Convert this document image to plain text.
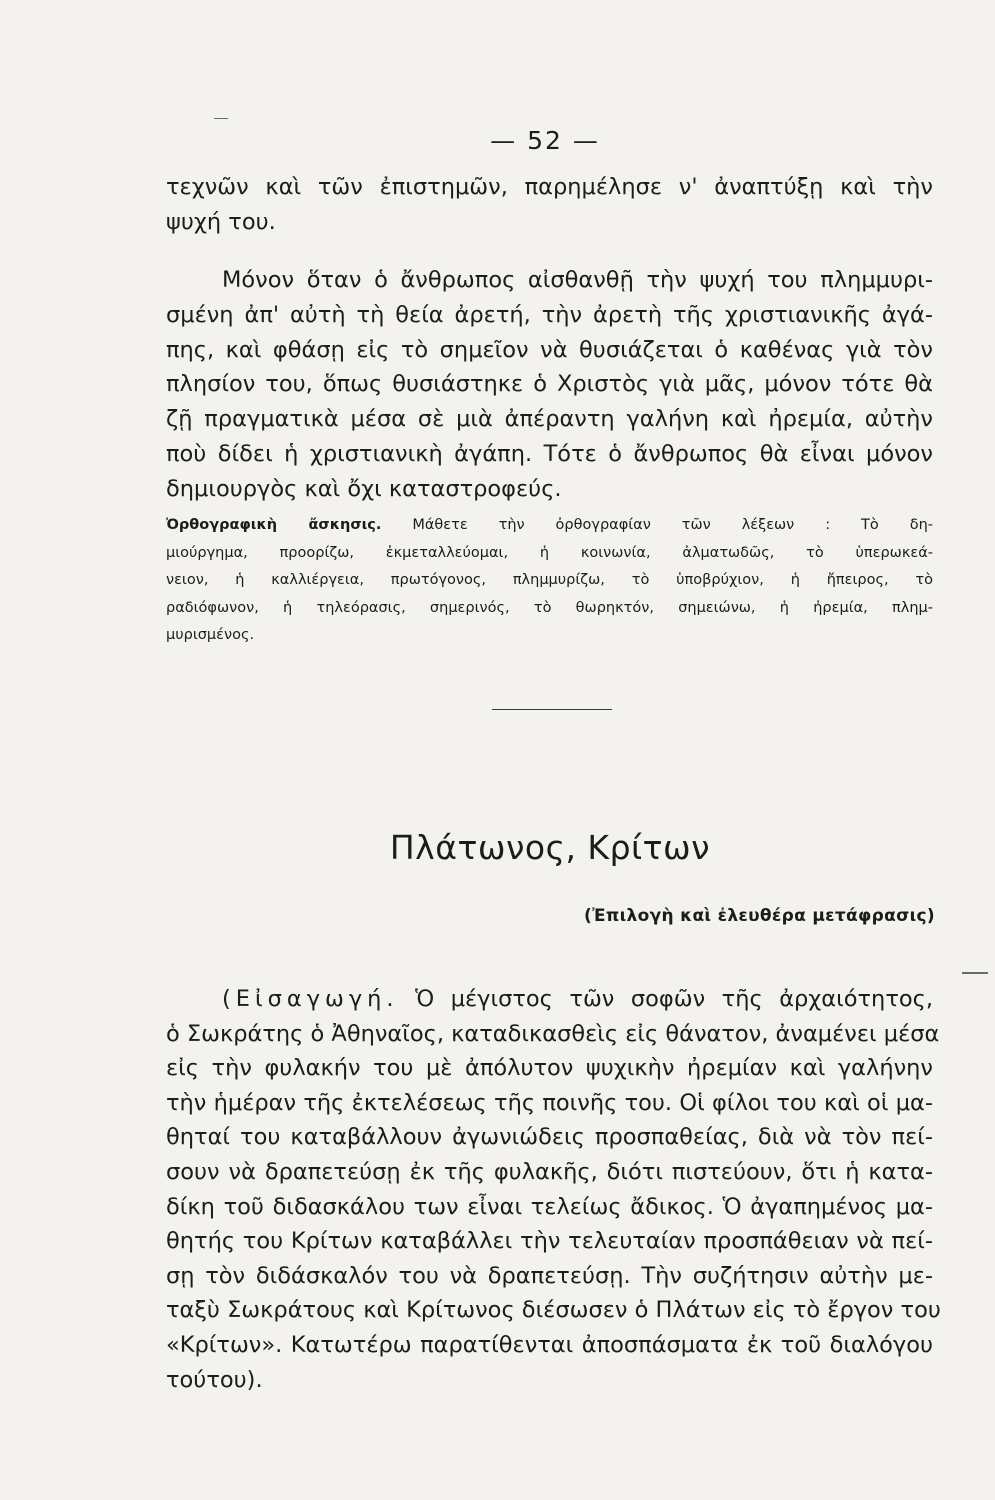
— 52 —
τεχνῶν καὶ τῶν ἐπιστημῶν, παρημέλησε ν' ἀναπτύξῃ καὶ τὴν
ψυχή του.
Μόνον ὅταν ὁ ἄνθρωπος αἰσθανθῇ τὴν ψυχή του πλημμυρι-
σμένη ἀπ' αὐτὴ τὴ θεία ἀρετή, τὴν ἀρετὴ τῆς χριστιανικῆς ἀγά-
πης, καὶ φθάσῃ εἰς τὸ σημεῖον νὰ θυσιάζεται ὁ καθένας γιὰ τὸν
πλησίον του, ὅπως θυσιάστηκε ὁ Χριστὸς γιὰ μᾶς, μόνον τότε θὰ
ζῇ πραγματικὰ μέσα σὲ μιὰ ἀπέραντη γαλήνη καὶ ἠρεμία, αὐτὴν
ποὺ δίδει ἡ χριστιανικὴ ἀγάπη. Τότε ὁ ἄνθρωπος θὰ εἶναι μόνον
δημιουργὸς καὶ ὄχι καταστροφεύς.
Ὀρθογραφικὴ ἄσκησις. Μάθετε τὴν ὀρθογραφίαν τῶν λέξεων : Τὸ δη-
μιούργημα, προορίζω, ἐκμεταλλεύομαι, ἡ κοινωνία, ἀλματωδῶς, τὸ ὑπερωκεά-
νειον, ἡ καλλιέργεια, πρωτόγονος, πλημμυρίζω, τὸ ὑποβρύχιον, ἡ ἤπειρος, τὸ
ραδιόφωνον, ἡ τηλεόρασις, σημερινός, τὸ θωρηκτόν, σημειώνω, ἡ ἠρεμία, πλημ-
μυρισμένος.
Πλάτωνος, Κρίτων
(Ἐπιλογὴ καὶ ἐλευθέρα μετάφρασις)
(Εἰσαγωγή. Ὁ μέγιστος τῶν σοφῶν τῆς ἀρχαιότητος,
ὁ Σωκράτης ὁ Ἀθηναῖος, καταδικασθεὶς εἰς θάνατον, ἀναμένει μέσα
εἰς τὴν φυλακήν του μὲ ἀπόλυτον ψυχικὴν ἠρεμίαν καὶ γαλήνην
τὴν ἡμέραν τῆς ἐκτελέσεως τῆς ποινῆς του. Οἱ φίλοι του καὶ οἱ μα-
θηταί του καταβάλλουν ἀγωνιώδεις προσπαθείας, διὰ νὰ τὸν πεί-
σουν νὰ δραπετεύσῃ ἐκ τῆς φυλακῆς, διότι πιστεύουν, ὅτι ἡ κατα-
δίκη τοῦ διδασκάλου των εἶναι τελείως ἄδικος. Ὁ ἀγαπημένος μα-
θητής του Κρίτων καταβάλλει τὴν τελευταίαν προσπάθειαν νὰ πεί-
σῃ τὸν διδάσκαλόν του νὰ δραπετεύσῃ. Τὴν συζήτησιν αὐτὴν με-
ταξὺ Σωκράτους καὶ Κρίτωνος διέσωσεν ὁ Πλάτων εἰς τὸ ἔργον του
«Κρίτων». Κατωτέρω παρατίθενται ἀποσπάσματα ἐκ τοῦ διαλόγου
τούτου).
